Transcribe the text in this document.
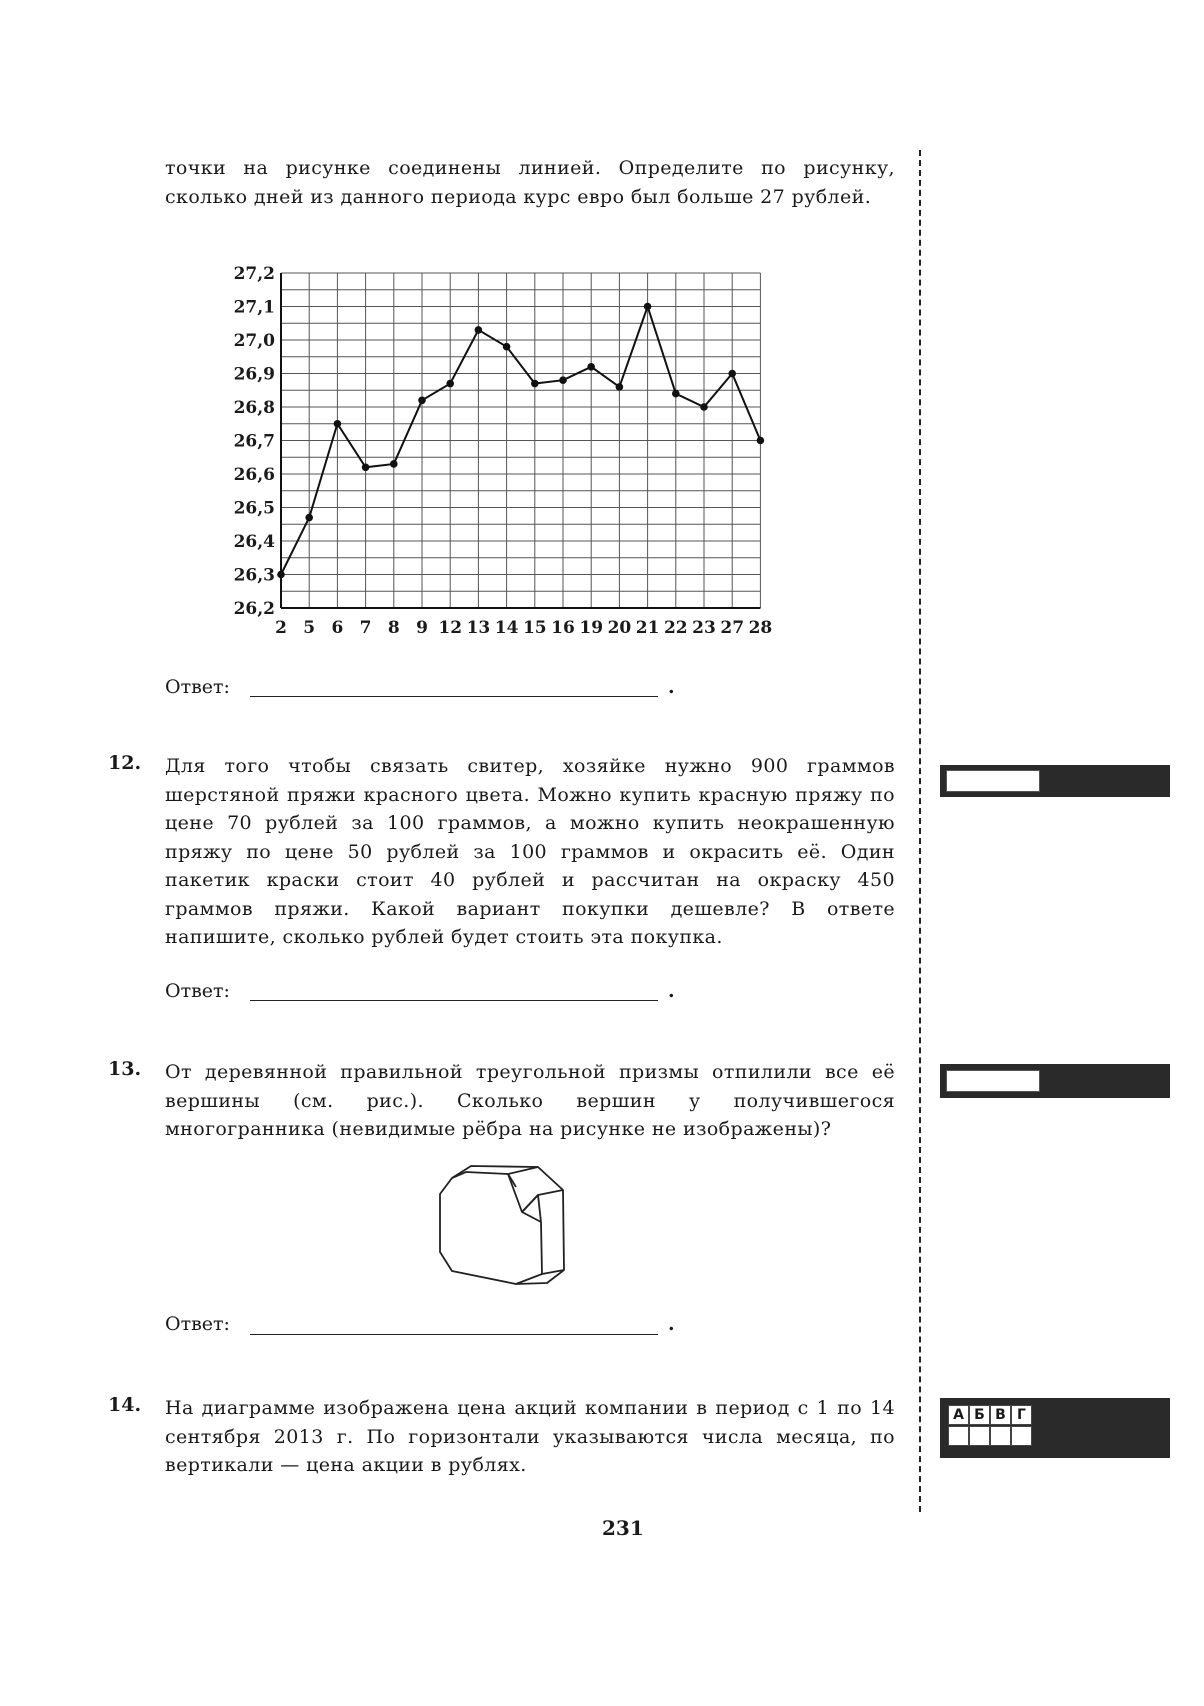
точки на рисунке соединены линией. Определите по рисунку, сколько дней из данного периода курс евро был больше 27 рублей.
26,2
26,3
26,4
26,5
26,6
26,7
26,8
26,9
27,0
27,1
27,2
2 5 6 7 8 9 12 13 14 15 16 19 20 21 22 23 27 28
Ответ:	.
12. Для того чтобы связать свитер, хозяйке нужно 900 граммов шерстяной пряжи красного цвета. Можно купить красную пряжу по цене 70 рублей за 100 граммов, а можно купить неокрашенную пряжу по цене 50 рублей за 100 граммов и окрасить её. Один пакетик краски стоит 40 рублей и рассчитан на окраску 450 граммов пряжи. Какой вариант покупки дешевле? В ответе напишите, сколько рублей будет стоить эта покупка.
Ответ:	.
13. От деревянной правильной треугольной призмы отпилили все её вершины (см. рис.). Сколько вершин у получившегося многогранника (невидимые рёбра на рисунке не изображены)?
Ответ:	.
14. На диаграмме изображена цена акций компании в период с 1 по 14 сентября 2013 г. По горизонтали указываются числа месяца, по вертикали — цена акции в рублях.
А Б В Г
231
